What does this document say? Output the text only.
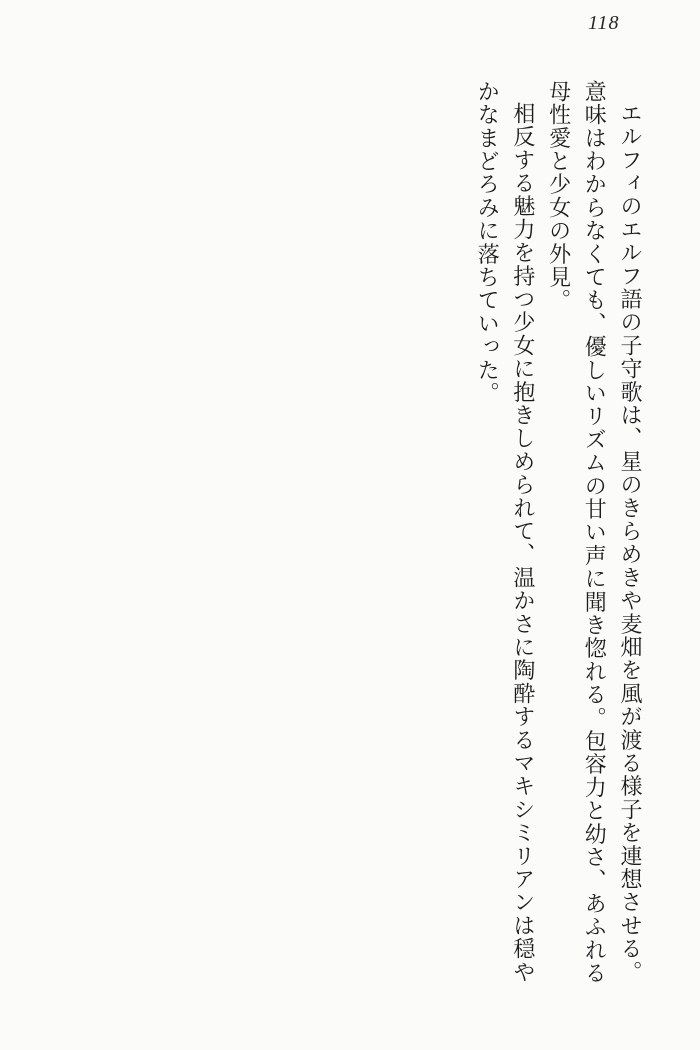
118

エルフィのエルフ語の子守歌は、星のきらめきや麦畑を風が渡る様子を連想させる。意味はわからなくても、優しいリズムの甘い声に聞き惚れる。包容力と幼さ、あふれる母性愛と少女の外見。

相反する魅力を持つ少女に抱きしめられて、温かさに陶酔するマキシミリアンは穏やかなまどろみに落ちていった。
